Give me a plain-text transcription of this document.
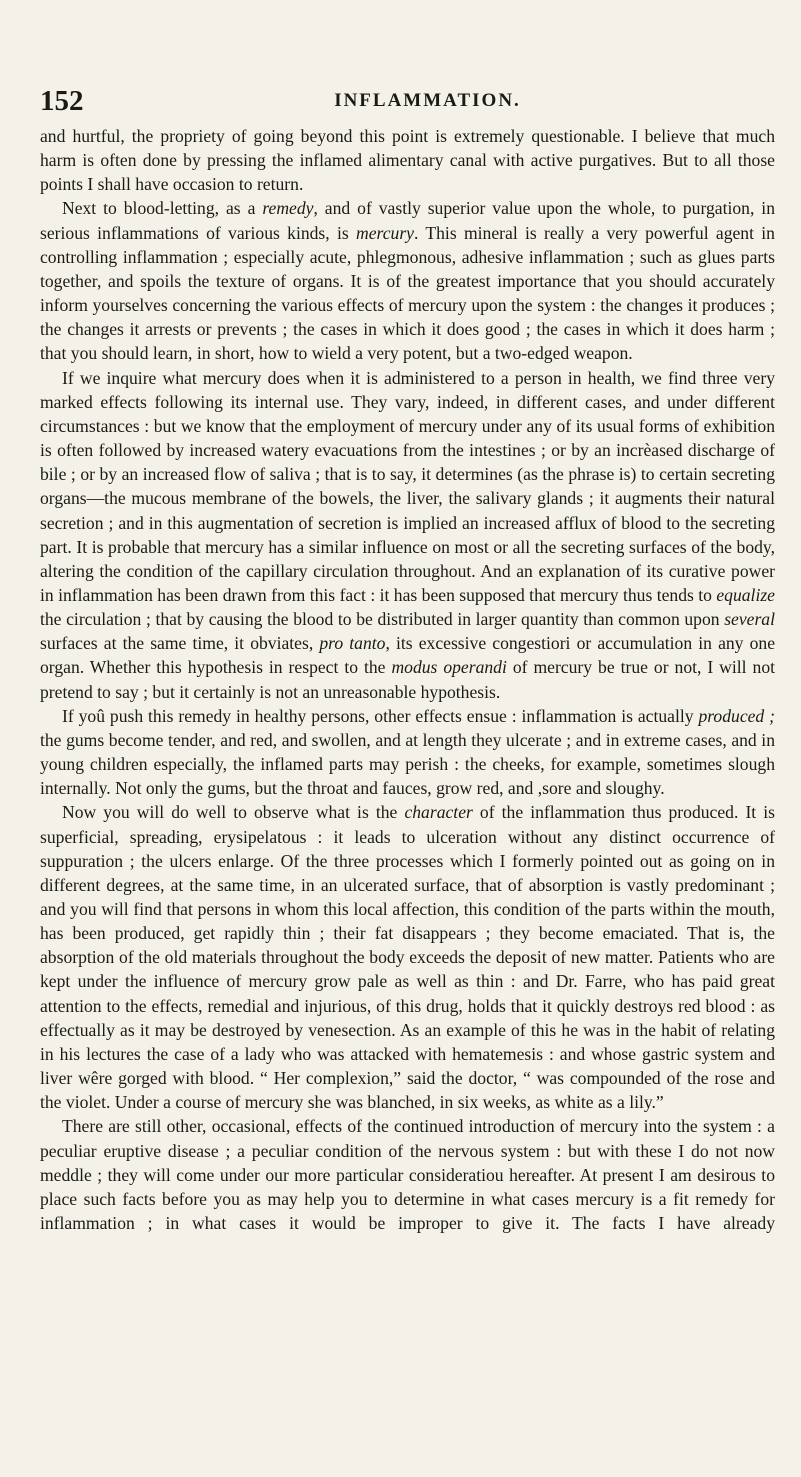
152	INFLAMMATION.

and hurtful, the propriety of going beyond this point is extremely questionable. I believe that much harm is often done by pressing the inflamed alimentary canal with active purgatives. But to all those points I shall have occasion to return.

Next to blood-letting, as a remedy, and of vastly superior value upon the whole, to purgation, in serious inflammations of various kinds, is mercury. This mineral is really a very powerful agent in controlling inflammation ; especially acute, phlegmonous, adhesive inflammation ; such as glues parts together, and spoils the texture of organs. It is of the greatest importance that you should accurately inform yourselves concerning the various effects of mercury upon the system : the changes it produces ; the changes it arrests or prevents ; the cases in which it does good ; the cases in which it does harm ; that you should learn, in short, how to wield a very potent, but a two-edged weapon.

If we inquire what mercury does when it is administered to a person in health, we find three very marked effects following its internal use. They vary, indeed, in different cases, and under different circumstances : but we know that the employment of mercury under any of its usual forms of exhibition is often followed by increased watery evacuations from the intestines ; or by an incrèased discharge of bile ; or by an increased flow of saliva ; that is to say, it determines (as the phrase is) to certain secreting organs—the mucous membrane of the bowels, the liver, the salivary glands ; it augments their natural secretion ; and in this augmentation of secretion is implied an increased afflux of blood to the secreting part. It is probable that mercury has a similar influence on most or all the secreting surfaces of the body, altering the condition of the capillary circulation throughout. And an explanation of its curative power in inflammation has been drawn from this fact : it has been supposed that mercury thus tends to equalize the circulation ; that by causing the blood to be distributed in larger quantity than common upon several surfaces at the same time, it obviates, pro tanto, its excessive congestiori or accumulation in any one organ. Whether this hypothesis in respect to the modus operandi of mercury be true or not, I will not pretend to say ; but it certainly is not an unreasonable hypothesis.

If yoû push this remedy in healthy persons, other effects ensue : inflammation is actually produced ; the gums become tender, and red, and swollen, and at length they ulcerate ; and in extreme cases, and in young children especially, the inflamed parts may perish : the cheeks, for example, sometimes slough internally. Not only the gums, but the throat and fauces, grow red, and ,sore and sloughy.

Now you will do well to observe what is the character of the inflammation thus produced. It is superficial, spreading, erysipelatous : it leads to ulceration without any distinct occurrence of suppuration ; the ulcers enlarge. Of the three processes which I formerly pointed out as going on in different degrees, at the same time, in an ulcerated surface, that of absorption is vastly predominant ; and you will find that persons in whom this local affection, this condition of the parts within the mouth, has been produced, get rapidly thin ; their fat disappears ; they become emaciated. That is, the absorption of the old materials throughout the body exceeds the deposit of new matter. Patients who are kept under the influence of mercury grow pale as well as thin : and Dr. Farre, who has paid great attention to the effects, remedial and injurious, of this drug, holds that it quickly destroys red blood : as effectually as it may be destroyed by venesection. As an example of this he was in the habit of relating in his lectures the case of a lady who was attacked with hematemesis : and whose gastric system and liver wêre gorged with blood. “ Her complexion,” said the doctor, “ was compounded of the rose and the violet. Under a course of mercury she was blanched, in six weeks, as white as a lily.”

There are still other, occasional, effects of the continued introduction of mercury into the system : a peculiar eruptive disease ; a peculiar condition of the nervous system : but with these I do not now meddle ; they will come under our more particular consideratiou hereafter. At present I am desirous to place such facts before you as may help you to determine in what cases mercury is a fit remedy for inflammation ; in what cases it would be improper to give it. The facts I have already
